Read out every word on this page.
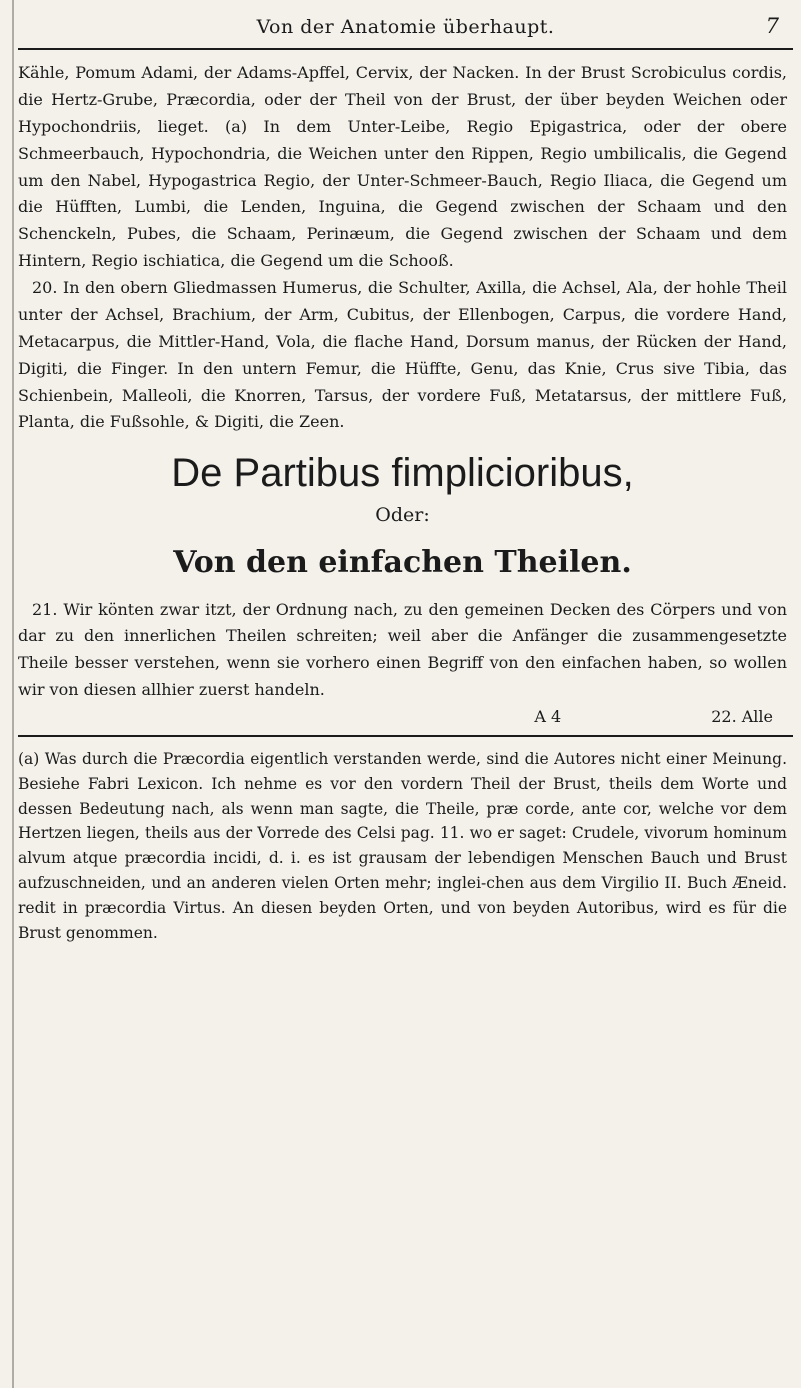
Von der Anatomie überhaupt.	7

Kähle, Pomum Adami, der Adams-Apffel, Cervix, der Nacken. In der Brust Scrobiculus cordis, die Hertz-Grube, Præcordia, oder der Theil von der Brust, der über beyden Weichen oder Hypochondriis, lieget. (a) In dem Unter-Leibe, Regio Epigastrica, oder der obere Schmeerbauch, Hypochondria, die Weichen unter den Rippen, Regio umbilicalis, die Gegend um den Nabel, Hypogastrica Regio, der Unter-Schmeer-Bauch, Regio Iliaca, die Gegend um die Hüfften, Lumbi, die Lenden, Inguina, die Gegend zwischen der Schaam und den Schenckeln, Pubes, die Schaam, Perinæum, die Gegend zwischen der Schaam und dem Hintern, Regio ischiatica, die Gegend um die Schooß.

20. In den obern Gliedmassen Humerus, die Schulter, Axilla, die Achsel, Ala, der hohle Theil unter der Achsel, Brachium, der Arm, Cubitus, der Ellenbogen, Carpus, die vordere Hand, Metacarpus, die Mittler-Hand, Vola, die flache Hand, Dorsum manus, der Rücken der Hand, Digiti, die Finger. In den untern Femur, die Hüffte, Genu, das Knie, Crus sive Tibia, das Schienbein, Malleoli, die Knorren, Tarsus, der vordere Fuß, Metatarsus, der mittlere Fuß, Planta, die Fußsohle, & Digiti, die Zeen.

De Partibus fimplicioribus,
Oder:
Von den einfachen Theilen.

21. Wir könten zwar itzt, der Ordnung nach, zu den gemeinen Decken des Cörpers und von dar zu den innerlichen Theilen schreiten; weil aber die Anfänger die zusammengesetzte Theile besser verstehen, wenn sie vorhero einen Begriff von den einfachen haben, so wollen wir von diesen allhier zuerst handeln.

A 4	22. Alle
(a) Was durch die Præcordia eigentlich verstanden werde, sind die Autores nicht einer Meinung. Besiehe Fabri Lexicon. Ich nehme es vor den vordern Theil der Brust, theils dem Worte und dessen Bedeutung nach, als wenn man sagte, die Theile, præ corde, ante cor, welche vor dem Hertzen liegen, theils aus der Vorrede des Celsi pag. 11. wo er saget: Crudele, vivorum hominum alvum atque præcordia incidi, d. i. es ist grausam der lebendigen Menschen Bauch und Brust aufzuschneiden, und an anderen vielen Orten mehr; inglei-chen aus dem Virgilio II. Buch Æneid. redit in præcordia Virtus. An diesen beyden Orten, und von beyden Autoribus, wird es für die Brust genommen.
